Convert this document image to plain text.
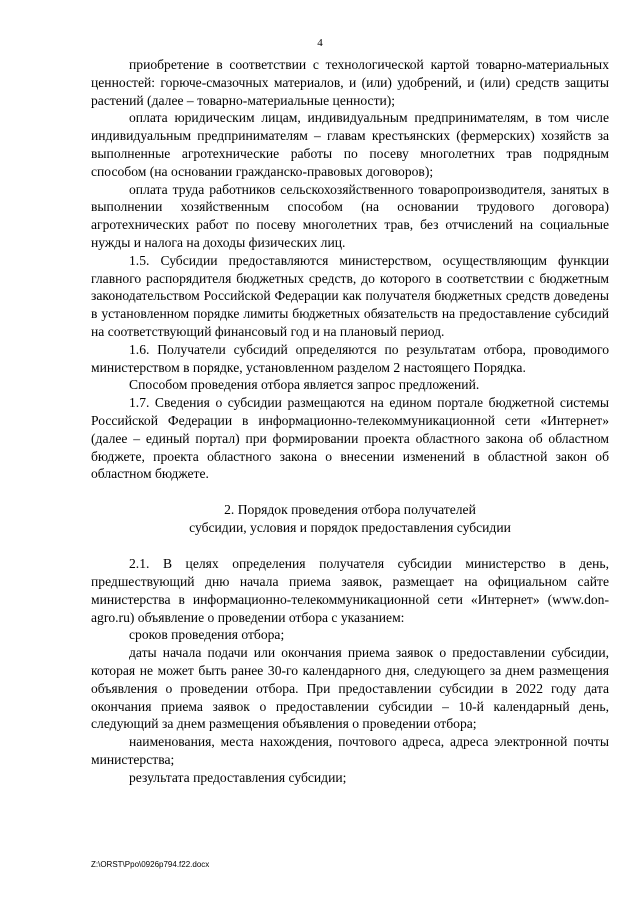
4

приобретение в соответствии с технологической картой товарно-материальных ценностей: горюче-смазочных материалов, и (или) удобрений, и (или) средств защиты растений (далее – товарно-материальные ценности);

оплата юридическим лицам, индивидуальным предпринимателям, в том числе индивидуальным предпринимателям – главам крестьянских (фермерских) хозяйств за выполненные агротехнические работы по посеву многолетних трав подрядным способом (на основании гражданско-правовых договоров);

оплата труда работников сельскохозяйственного товаропроизводителя, занятых в выполнении хозяйственным способом (на основании трудового договора) агротехнических работ по посеву многолетних трав, без отчислений на социальные нужды и налога на доходы физических лиц.

1.5. Субсидии предоставляются министерством, осуществляющим функции главного распорядителя бюджетных средств, до которого в соответствии с бюджетным законодательством Российской Федерации как получателя бюджетных средств доведены в установленном порядке лимиты бюджетных обязательств на предоставление субсидий на соответствующий финансовый год и на плановый период.

1.6. Получатели субсидий определяются по результатам отбора, проводимого министерством в порядке, установленном разделом 2 настоящего Порядка.

Способом проведения отбора является запрос предложений.

1.7. Сведения о субсидии размещаются на едином портале бюджетной системы Российской Федерации в информационно-телекоммуникационной сети «Интернет» (далее – единый портал) при формировании проекта областного закона об областном бюджете, проекта областного закона о внесении изменений в областной закон об областном бюджете.

2. Порядок проведения отбора получателей
субсидии, условия и порядок предоставления субсидии

2.1. В целях определения получателя субсидии министерство в день, предшествующий дню начала приема заявок, размещает на официальном сайте министерства в информационно-телекоммуникационной сети «Интернет» (www.don-agro.ru) объявление о проведении отбора с указанием:

сроков проведения отбора;

даты начала подачи или окончания приема заявок о предоставлении субсидии, которая не может быть ранее 30-го календарного дня, следующего за днем размещения объявления о проведении отбора. При предоставлении субсидии в 2022 году дата окончания приема заявок о предоставлении субсидии – 10-й календарный день, следующий за днем размещения объявления о проведении отбора;

наименования, места нахождения, почтового адреса, адреса электронной почты министерства;

результата предоставления субсидии;

Z:\ORST\Ppo\0926p794.f22.docx
